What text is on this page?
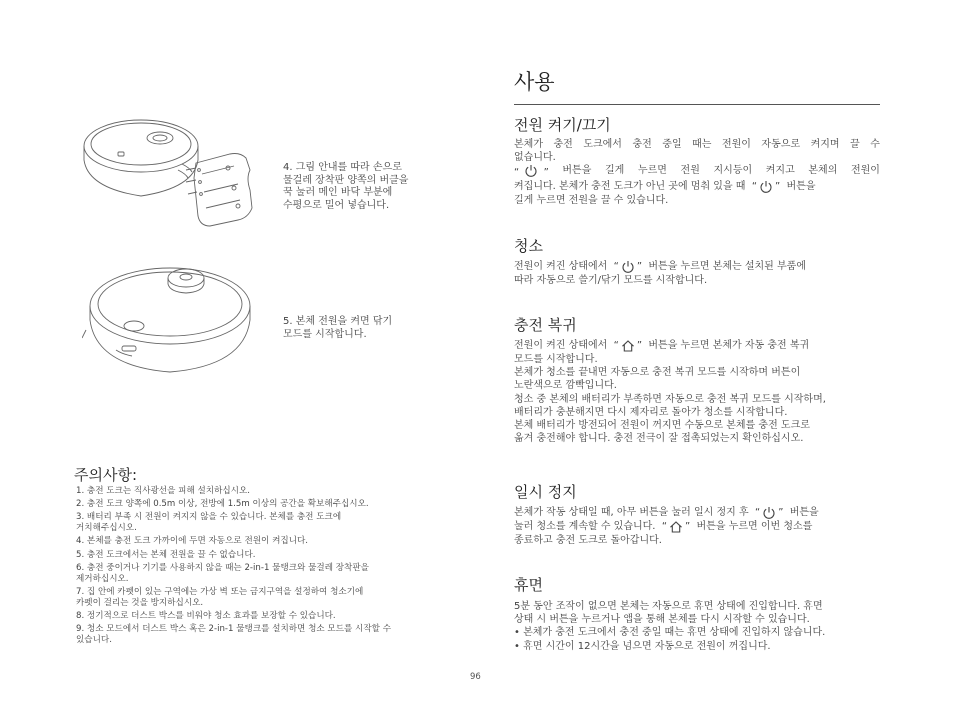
4. 그림 안내를 따라 손으로
물걸레 장착판 양쪽의 버클을
꾹 눌러 메인 바닥 부분에
수평으로 밀어 넣습니다.
5. 본체 전원을 켜면 닦기
모드를 시작합니다.
주의사항:
1. 충전 도크는 직사광선을 피해 설치하십시오.
2. 충전 도크 양쪽에 0.5m 이상, 전방에 1.5m 이상의 공간을 확보해주십시오.
3. 배터리 부족 시 전원이 켜지지 않을 수 있습니다. 본체를 충전 도크에
거치해주십시오.
4. 본체를 충전 도크 가까이에 두면 자동으로 전원이 켜집니다.
5. 충전 도크에서는 본체 전원을 끌 수 없습니다.
6. 충전 중이거나 기기를 사용하지 않을 때는 2-in-1 물탱크와 물걸레 장착판을
제거하십시오.
7. 집 안에 카펫이 있는 구역에는 가상 벽 또는 금지구역을 설정하여 청소기에
카펫이 걸리는 것을 방지하십시오.
8. 정기적으로 더스트 박스를 비워야 청소 효과를 보장할 수 있습니다.
9. 청소 모드에서 더스트 박스 혹은 2-in-1 물탱크를 설치하면 청소 모드를 시작할 수
있습니다.
사용
전원 켜기/끄기
본체가 충전 도크에서 충전 중일 때는 전원이 자동으로 켜지며 끌 수
없습니다.
“ ” 버튼을 길게 누르면 전원 지시등이 켜지고 본체의 전원이
켜집니다. 본체가 충전 도크가 아닌 곳에 멈춰 있을 때  “ ”  버튼을
길게 누르면 전원을 끌 수 있습니다.
청소
전원이 켜진 상태에서  “ ”  버튼을 누르면 본체는 설치된 부품에
따라 자동으로 쓸기/닦기 모드를 시작합니다.
충전 복귀
전원이 켜진 상태에서  “ ”  버튼을 누르면 본체가 자동 충전 복귀
모드를 시작합니다.
본체가 청소를 끝내면 자동으로 충전 복귀 모드를 시작하며 버튼이
노란색으로 깜빡입니다.
청소 중 본체의 배터리가 부족하면 자동으로 충전 복귀 모드를 시작하며,
배터리가 충분해지면 다시 제자리로 돌아가 청소를 시작합니다.
본체 배터리가 방전되어 전원이 꺼지면 수동으로 본체를 충전 도크로
옮겨 충전해야 합니다. 충전 전극이 잘 접촉되었는지 확인하십시오.
일시 정지
본체가 작동 상태일 때, 아무 버튼을 눌러 일시 정지 후  “ ”  버튼을
눌러 청소를 계속할 수 있습니다.  “ ”  버튼을 누르면 이번 청소를
종료하고 충전 도크로 돌아갑니다.
휴면
5분 동안 조작이 없으면 본체는 자동으로 휴면 상태에 진입합니다. 휴면
상태 시 버튼을 누르거나 앱을 통해 본체를 다시 시작할 수 있습니다.
• 본체가 충전 도크에서 충전 중일 때는 휴면 상태에 진입하지 않습니다.
• 휴면 시간이 12시간을 넘으면 자동으로 전원이 꺼집니다.
96
